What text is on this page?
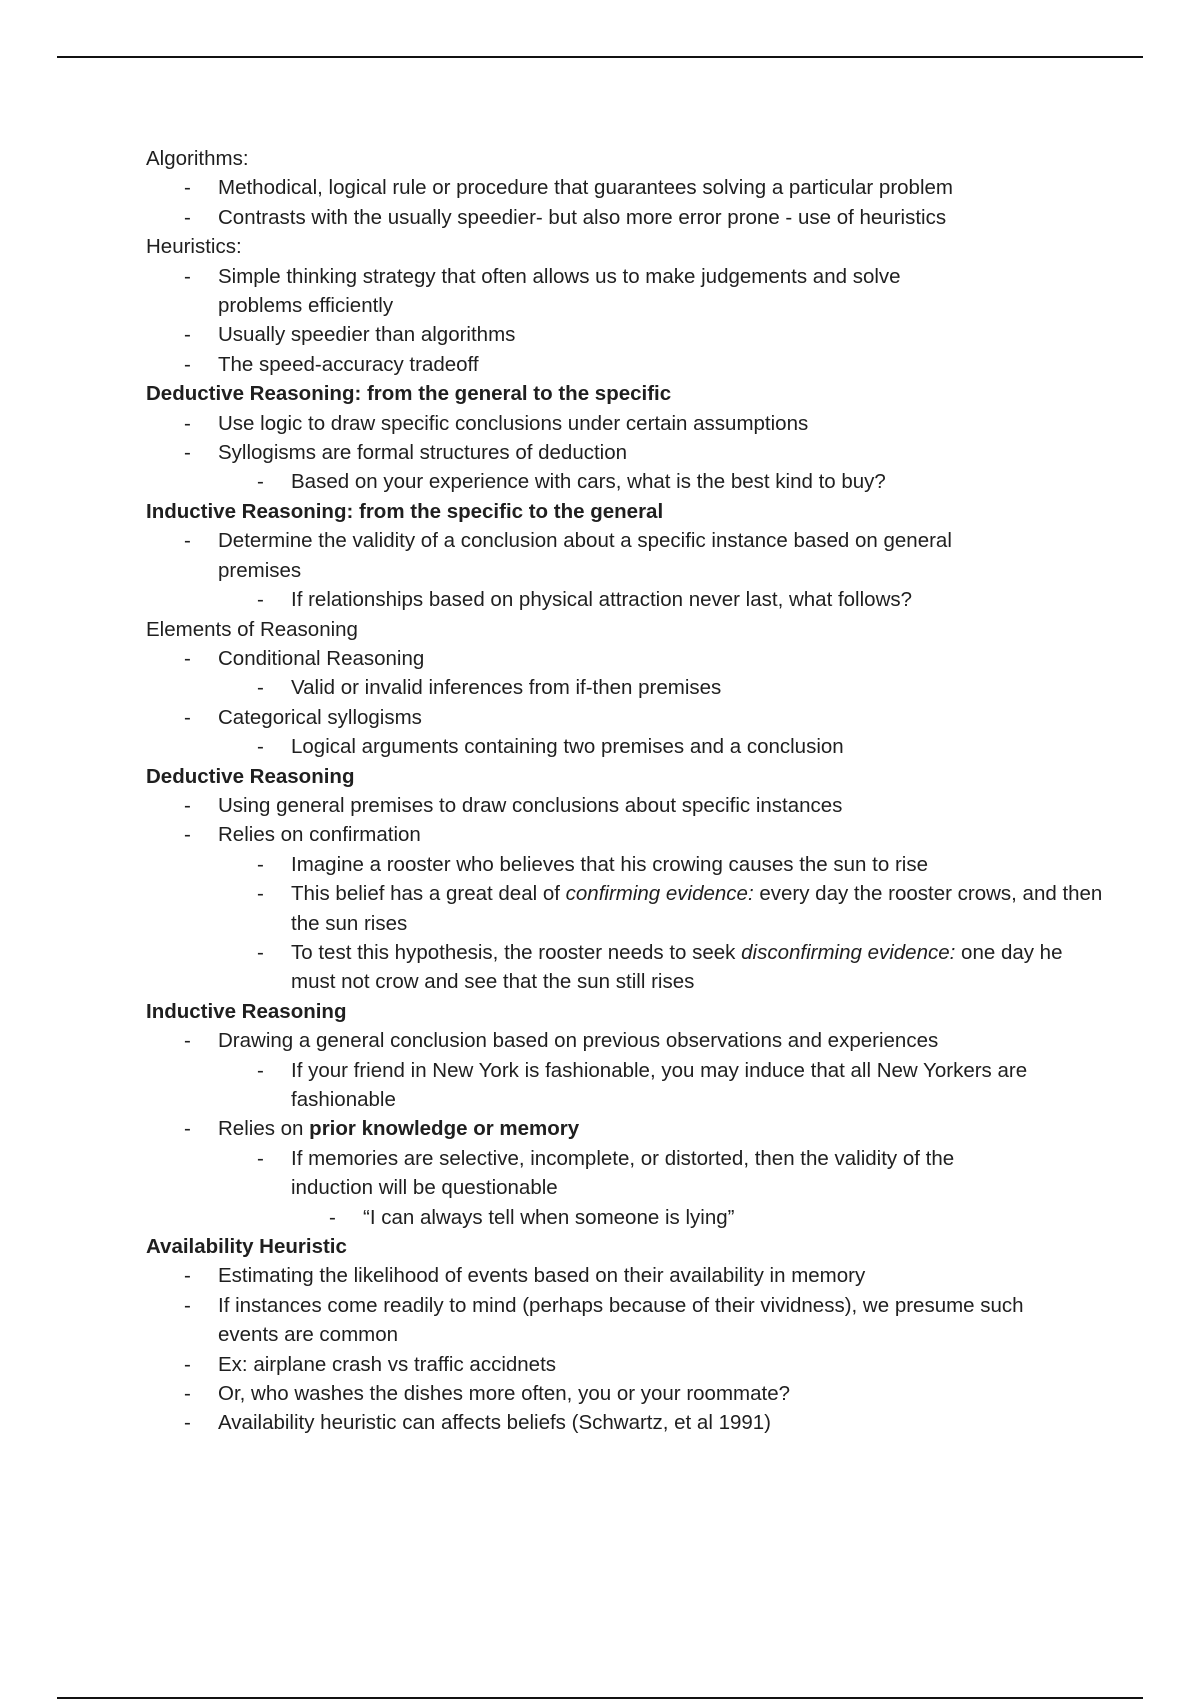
Algorithms:
- Methodical, logical rule or procedure that guarantees solving a particular problem
- Contrasts with the usually speedier- but also more error prone - use of heuristics
Heuristics:
- Simple thinking strategy that often allows us to make judgements and solve problems efficiently
- Usually speedier than algorithms
- The speed-accuracy tradeoff
Deductive Reasoning: from the general to the specific
- Use logic to draw specific conclusions under certain assumptions
- Syllogisms are formal structures of deduction
- Based on your experience with cars, what is the best kind to buy?
Inductive Reasoning: from the specific to the general
- Determine the validity of a conclusion about a specific instance based on general premises
- If relationships based on physical attraction never last, what follows?
Elements of Reasoning
- Conditional Reasoning
- Valid or invalid inferences from if-then premises
- Categorical syllogisms
- Logical arguments containing two premises and a conclusion
Deductive Reasoning
- Using general premises to draw conclusions about specific instances
- Relies on confirmation
- Imagine a rooster who believes that his crowing causes the sun to rise
- This belief has a great deal of confirming evidence: every day the rooster crows, and then the sun rises
- To test this hypothesis, the rooster needs to seek disconfirming evidence: one day he must not crow and see that the sun still rises
Inductive Reasoning
- Drawing a general conclusion based on previous observations and experiences
- If your friend in New York is fashionable, you may induce that all New Yorkers are fashionable
- Relies on prior knowledge or memory
- If memories are selective, incomplete, or distorted, then the validity of the induction will be questionable
- “I can always tell when someone is lying”
Availability Heuristic
- Estimating the likelihood of events based on their availability in memory
- If instances come readily to mind (perhaps because of their vividness), we presume such events are common
- Ex: airplane crash vs traffic accidnets
- Or, who washes the dishes more often, you or your roommate?
- Availability heuristic can affects beliefs (Schwartz, et al 1991)
